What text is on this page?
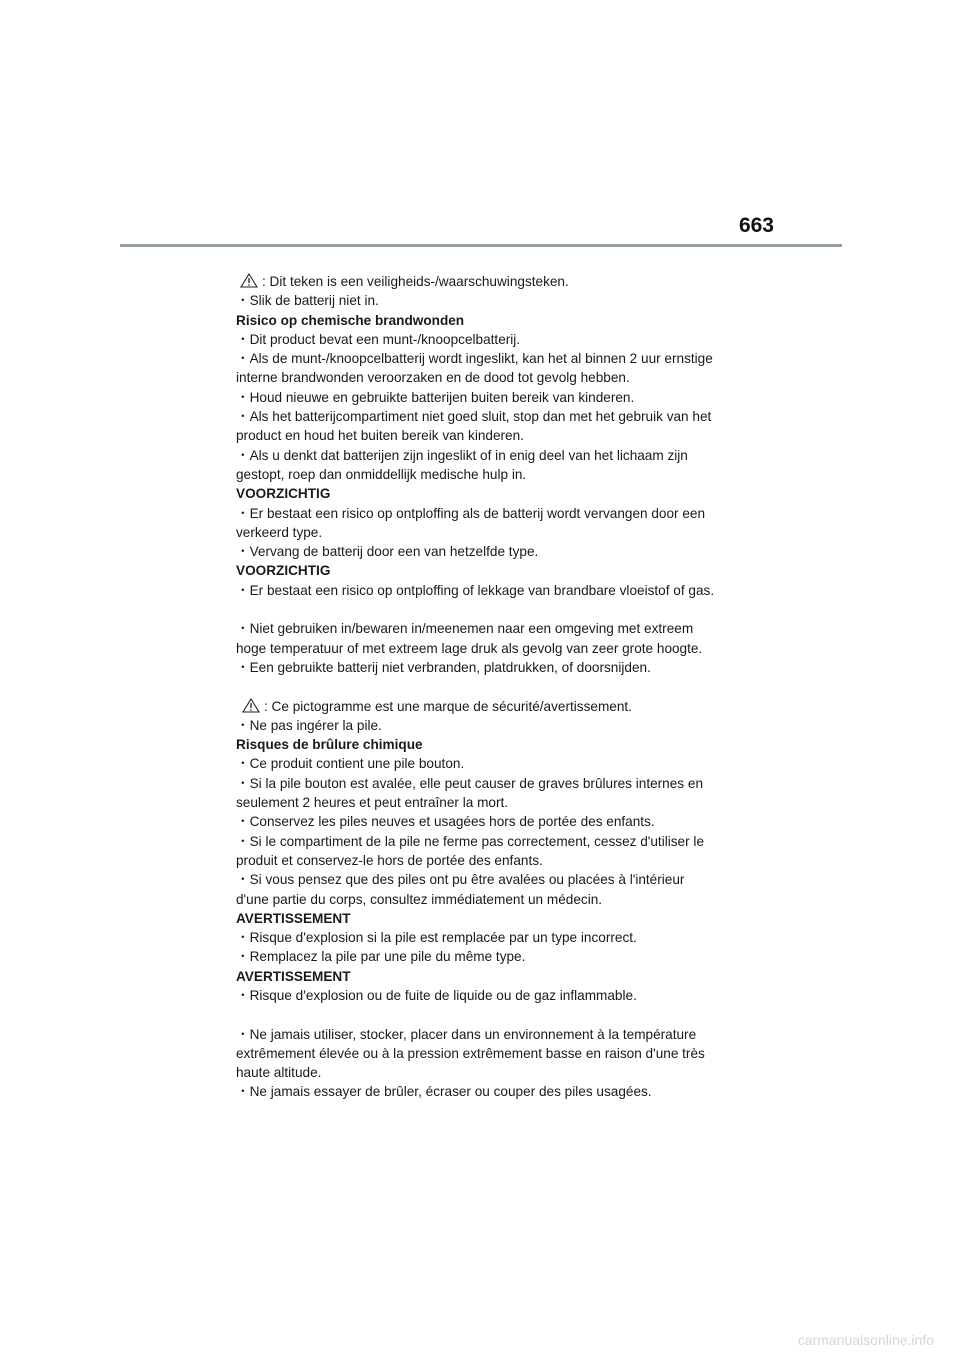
663
: Dit teken is een veiligheids-/waarschuwingsteken.
・Slik de batterij niet in.
Risico op chemische brandwonden
・Dit product bevat een munt-/knoopcelbatterij.
・Als de munt-/knoopcelbatterij wordt ingeslikt, kan het al binnen 2 uur ernstige
interne brandwonden veroorzaken en de dood tot gevolg hebben.
・Houd nieuwe en gebruikte batterijen buiten bereik van kinderen.
・Als het batterijcompartiment niet goed sluit, stop dan met het gebruik van het
product en houd het buiten bereik van kinderen.
・Als u denkt dat batterijen zijn ingeslikt of in enig deel van het lichaam zijn
gestopt, roep dan onmiddellijk medische hulp in.
VOORZICHTIG
・Er bestaat een risico op ontploffing als de batterij wordt vervangen door een
verkeerd type.
・Vervang de batterij door een van hetzelfde type.
VOORZICHTIG
・Er bestaat een risico op ontploffing of lekkage van brandbare vloeistof of gas.
・Niet gebruiken in/bewaren in/meenemen naar een omgeving met extreem
hoge temperatuur of met extreem lage druk als gevolg van zeer grote hoogte.
・Een gebruikte batterij niet verbranden, platdrukken, of doorsnijden.
: Ce pictogramme est une marque de sécurité/avertissement.
・Ne pas ingérer la pile.
Risques de brûlure chimique
・Ce produit contient une pile bouton.
・Si la pile bouton est avalée, elle peut causer de graves brûlures internes en
seulement 2 heures et peut entraîner la mort.
・Conservez les piles neuves et usagées hors de portée des enfants.
・Si le compartiment de la pile ne ferme pas correctement, cessez d'utiliser le
produit et conservez-le hors de portée des enfants.
・Si vous pensez que des piles ont pu être avalées ou placées à l'intérieur
d'une partie du corps, consultez immédiatement un médecin.
AVERTISSEMENT
・Risque d'explosion si la pile est remplacée par un type incorrect.
・Remplacez la pile par une pile du même type.
AVERTISSEMENT
・Risque d'explosion ou de fuite de liquide ou de gaz inflammable.
・Ne jamais utiliser, stocker, placer dans un environnement à la température
extrêmement élevée ou à la pression extrêmement basse en raison d'une très
haute altitude.
・Ne jamais essayer de brûler, écraser ou couper des piles usagées.
carmanualsonline.info
